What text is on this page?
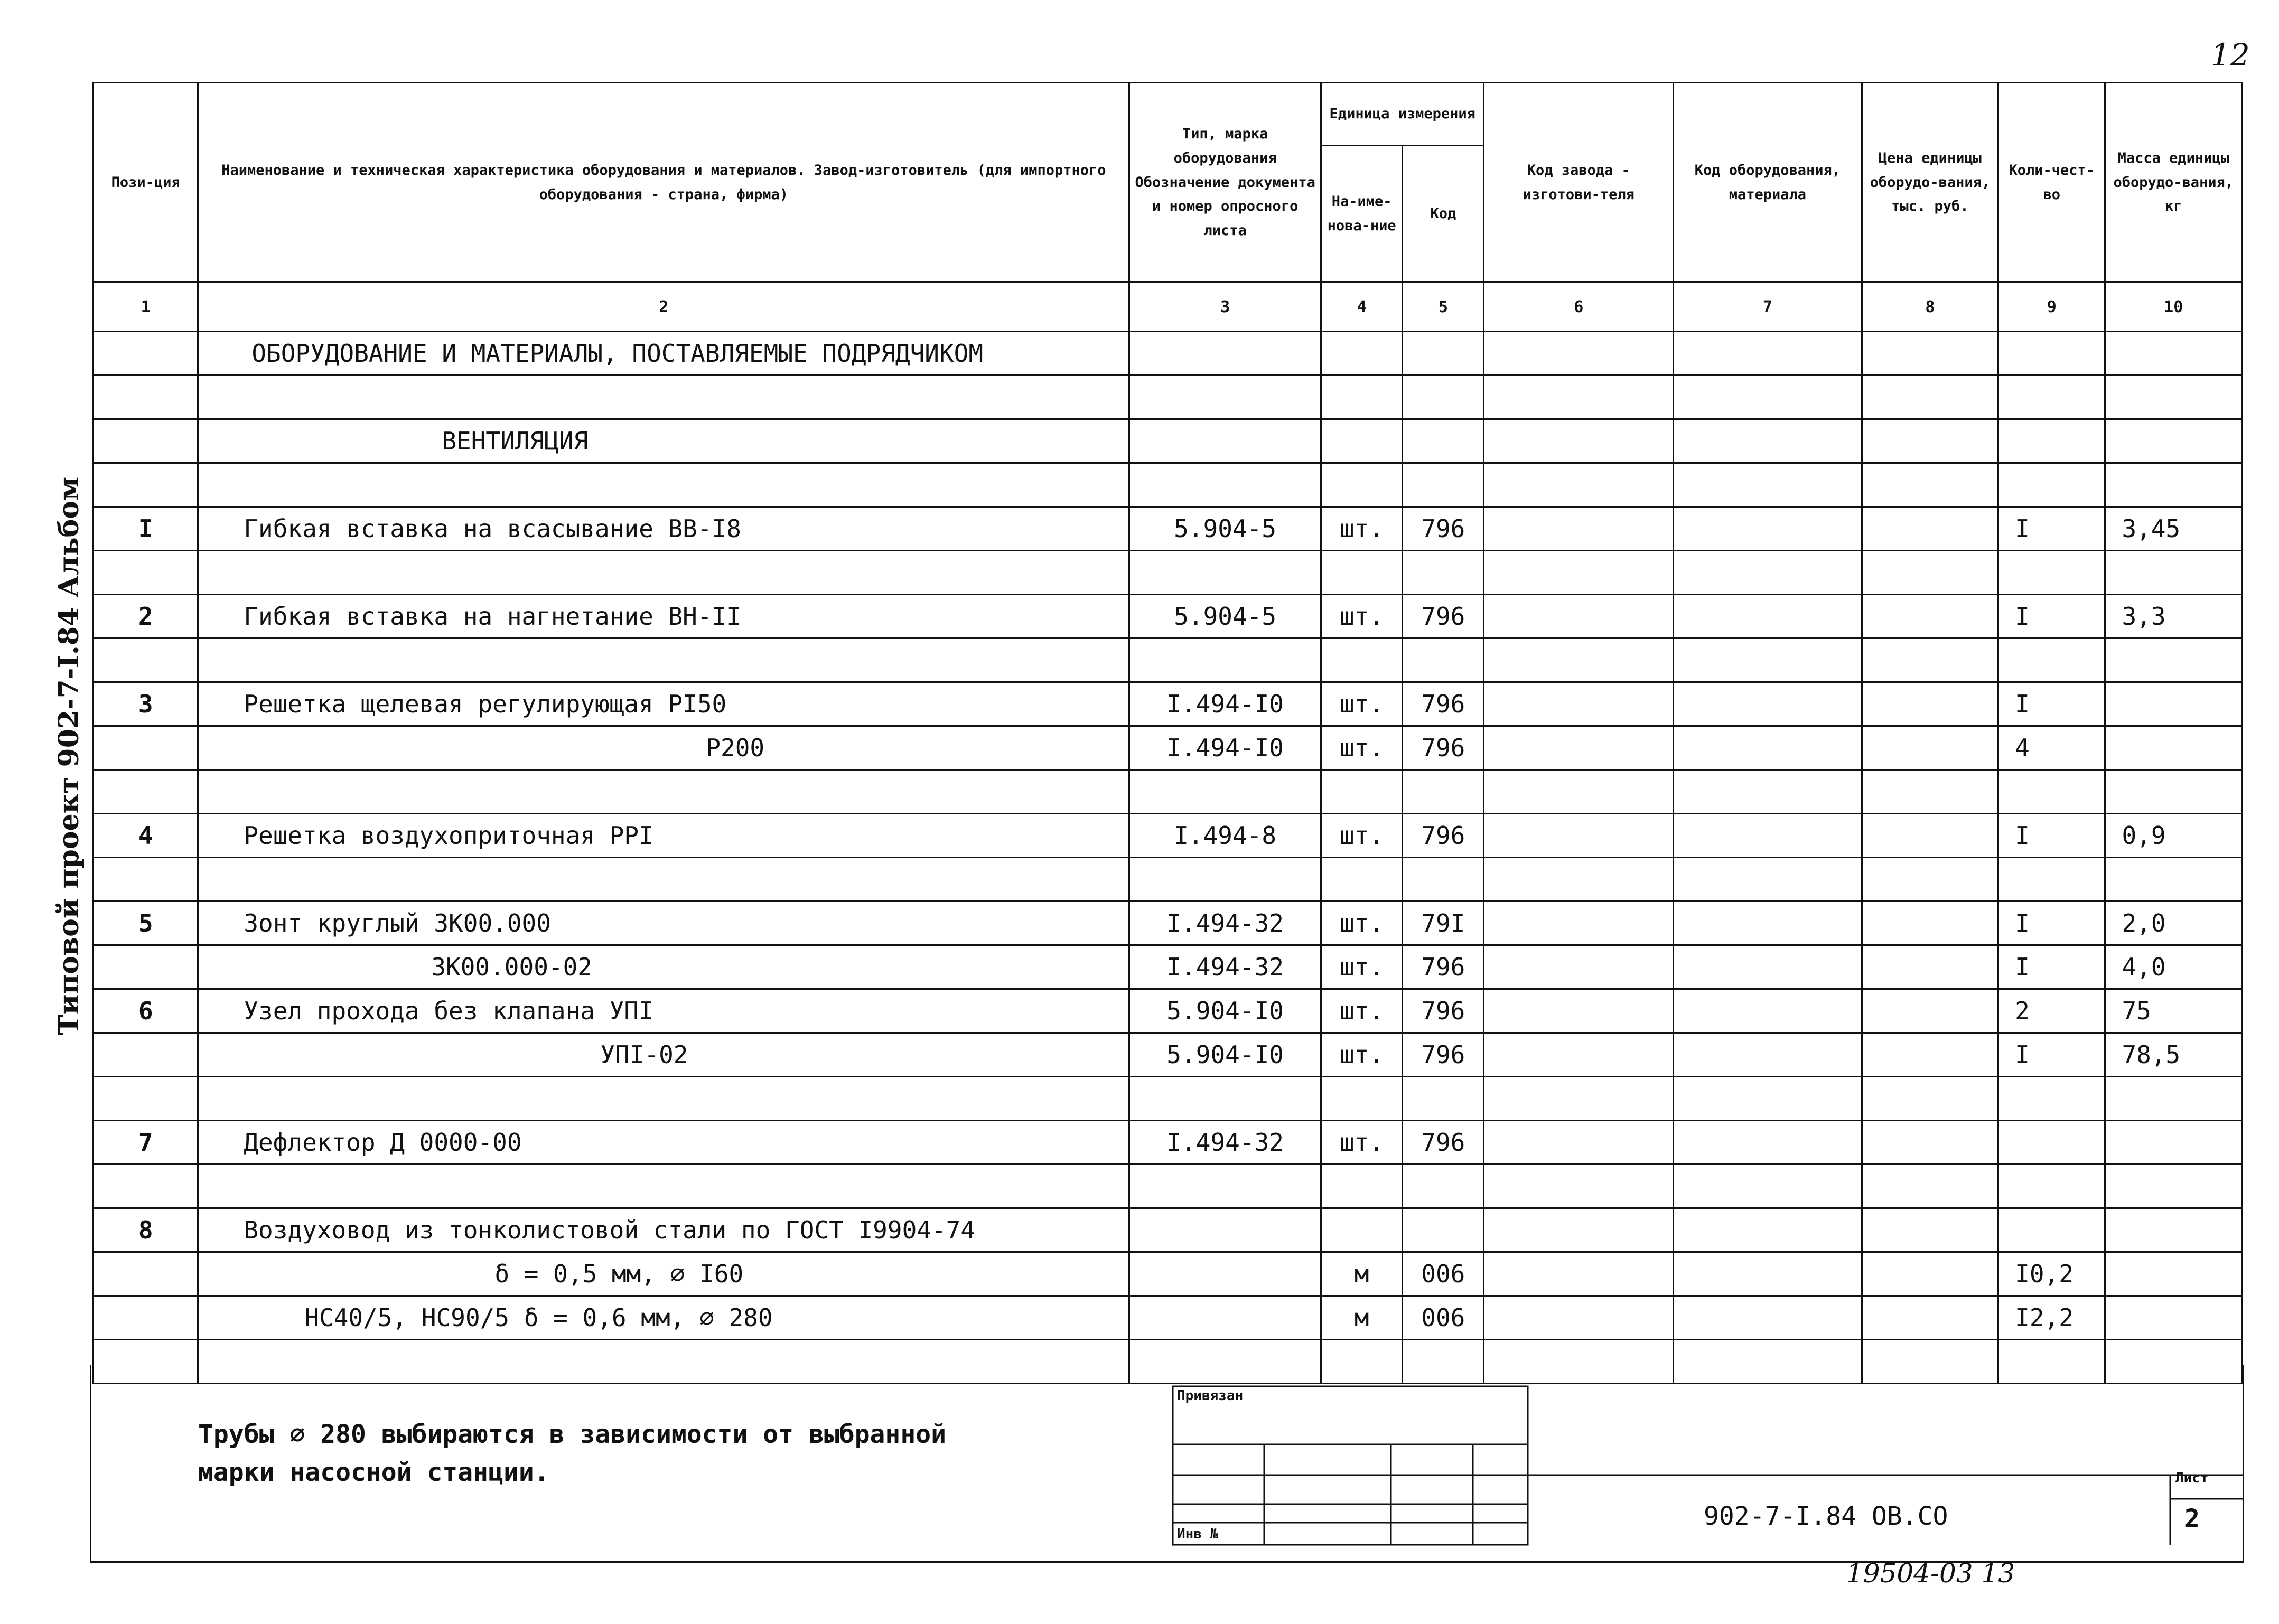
12
Типовой проект 902-7-I.84 Альбом
Пози-ция	Наименование и техническая характеристика оборудования и материалов. Завод-изготовитель (для импортного оборудования - страна, фирма)	Тип, марка оборудования Обозначение документа и номер опросного листа	Единица измерения		Код завода - изготови-теля	Код оборудования, материала	Цена единицы оборудо-вания, тыс. руб.	Коли-чест-во	Масса единицы оборудо-вания, кг
			На-име-нова-ние	Код					
1	2	3	4	5	6	7	8	9	10
	ОБОРУДОВАНИЕ И МАТЕРИАЛЫ, ПОСТАВЛЯЕМЫЕ ПОДРЯДЧИКОМ								

	ВЕНТИЛЯЦИЯ								

I	Гибкая вставка на всасывание ВВ-I8	5.904-5	шт.	796				I	3,45

2	Гибкая вставка на нагнетание ВН-II	5.904-5	шт.	796				I	3,3

3	Решетка щелевая регулирующая PI50	I.494-I0	шт.	796				I	
	Р200	I.494-I0	шт.	796				4	

4	Решетка воздухоприточная PPI	I.494-8	шт.	796				I	0,9

5	Зонт круглый ЗК00.000	I.494-32	шт.	79I				I	2,0
	ЗК00.000-02	I.494-32	шт.	796				I	4,0
6	Узел прохода без клапана УПI	5.904-I0	шт.	796				2	75
	УПI-02	5.904-I0	шт.	796				I	78,5

7	Дефлектор Д 0000-00	I.494-32	шт.	796					

8	Воздуховод из тонколистовой стали по ГОСТ I9904-74								
	δ = 0,5 мм, ∅ I60		м	006				I0,2	
	НС40/5, НС90/5 δ = 0,6 мм, ∅ 280		м	006				I2,2	

Трубы ∅ 280 выбираются в зависимости от выбранной
марки насосной станции.
Привязан
Инв №
902-7-I.84 ОВ.СО
Лист
2
19504-03 13
